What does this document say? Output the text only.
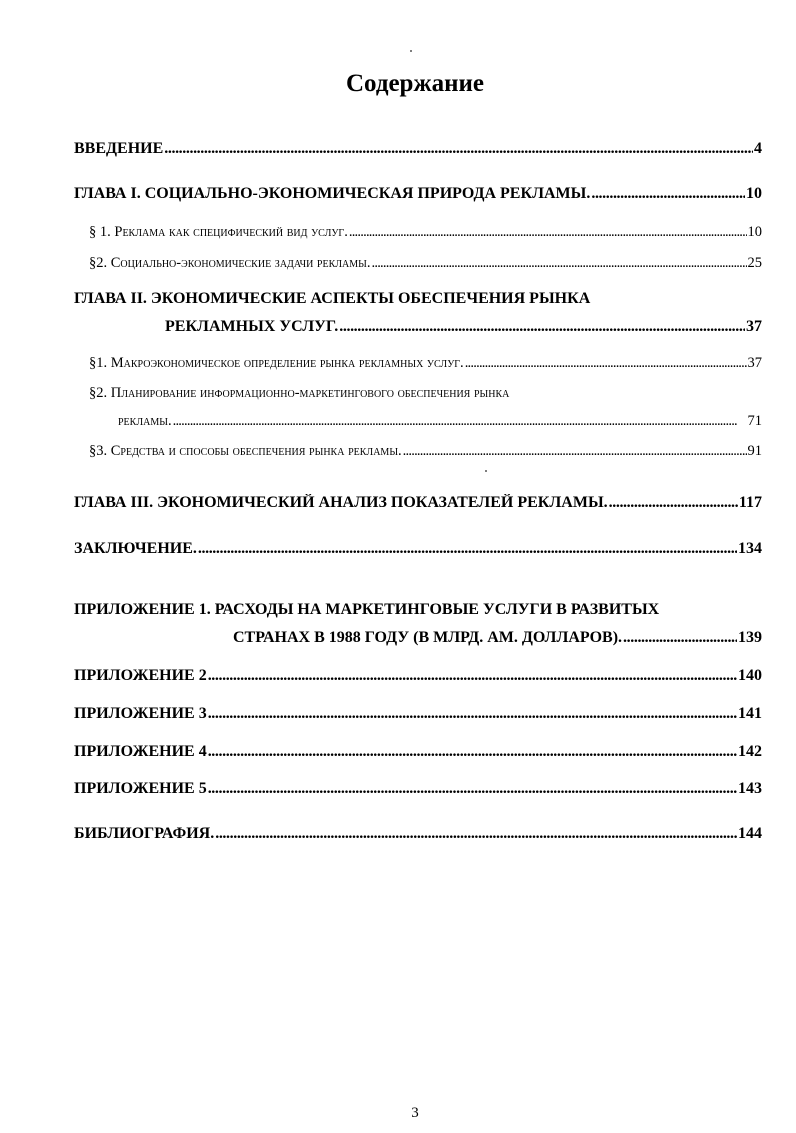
Содержание
ВВЕДЕНИЕ . . .	4
ГЛАВА I. СОЦИАЛЬНО-ЭКОНОМИЧЕСКАЯ ПРИРОДА РЕКЛАМЫ. . . .	10
§ 1. Реклама как специфический вид услуг. . . .	10
§2. Социально-экономические задачи рекламы. . . .	25
ГЛАВА II. ЭКОНОМИЧЕСКИЕ АСПЕКТЫ ОБЕСПЕЧЕНИЯ РЫНКА
РЕКЛАМНЫХ УСЛУГ. . . .	37
§1. Макроэкономическое определение рынка рекламных услуг. . . .	37
§2. Планирование информационно-маркетингового обеспечения рынка
рекламы. . . .	71
§3. Средства и способы обеспечения рынка рекламы. . . .	91
ГЛАВА III. ЭКОНОМИЧЕСКИЙ АНАЛИЗ ПОКАЗАТЕЛЕЙ РЕКЛАМЫ. . . .	117
ЗАКЛЮЧЕНИЕ. . . .	134
ПРИЛОЖЕНИЕ 1. РАСХОДЫ НА МАРКЕТИНГОВЫЕ УСЛУГИ В РАЗВИТЫХ
СТРАНАХ В 1988 ГОДУ (В МЛРД. АМ. ДОЛЛАРОВ). . . .	139
ПРИЛОЖЕНИЕ 2 . . .	140
ПРИЛОЖЕНИЕ 3 . . .	141
ПРИЛОЖЕНИЕ 4 . . .	142
ПРИЛОЖЕНИЕ 5 . . .	143
БИБЛИОГРАФИЯ. . . .	144
3
